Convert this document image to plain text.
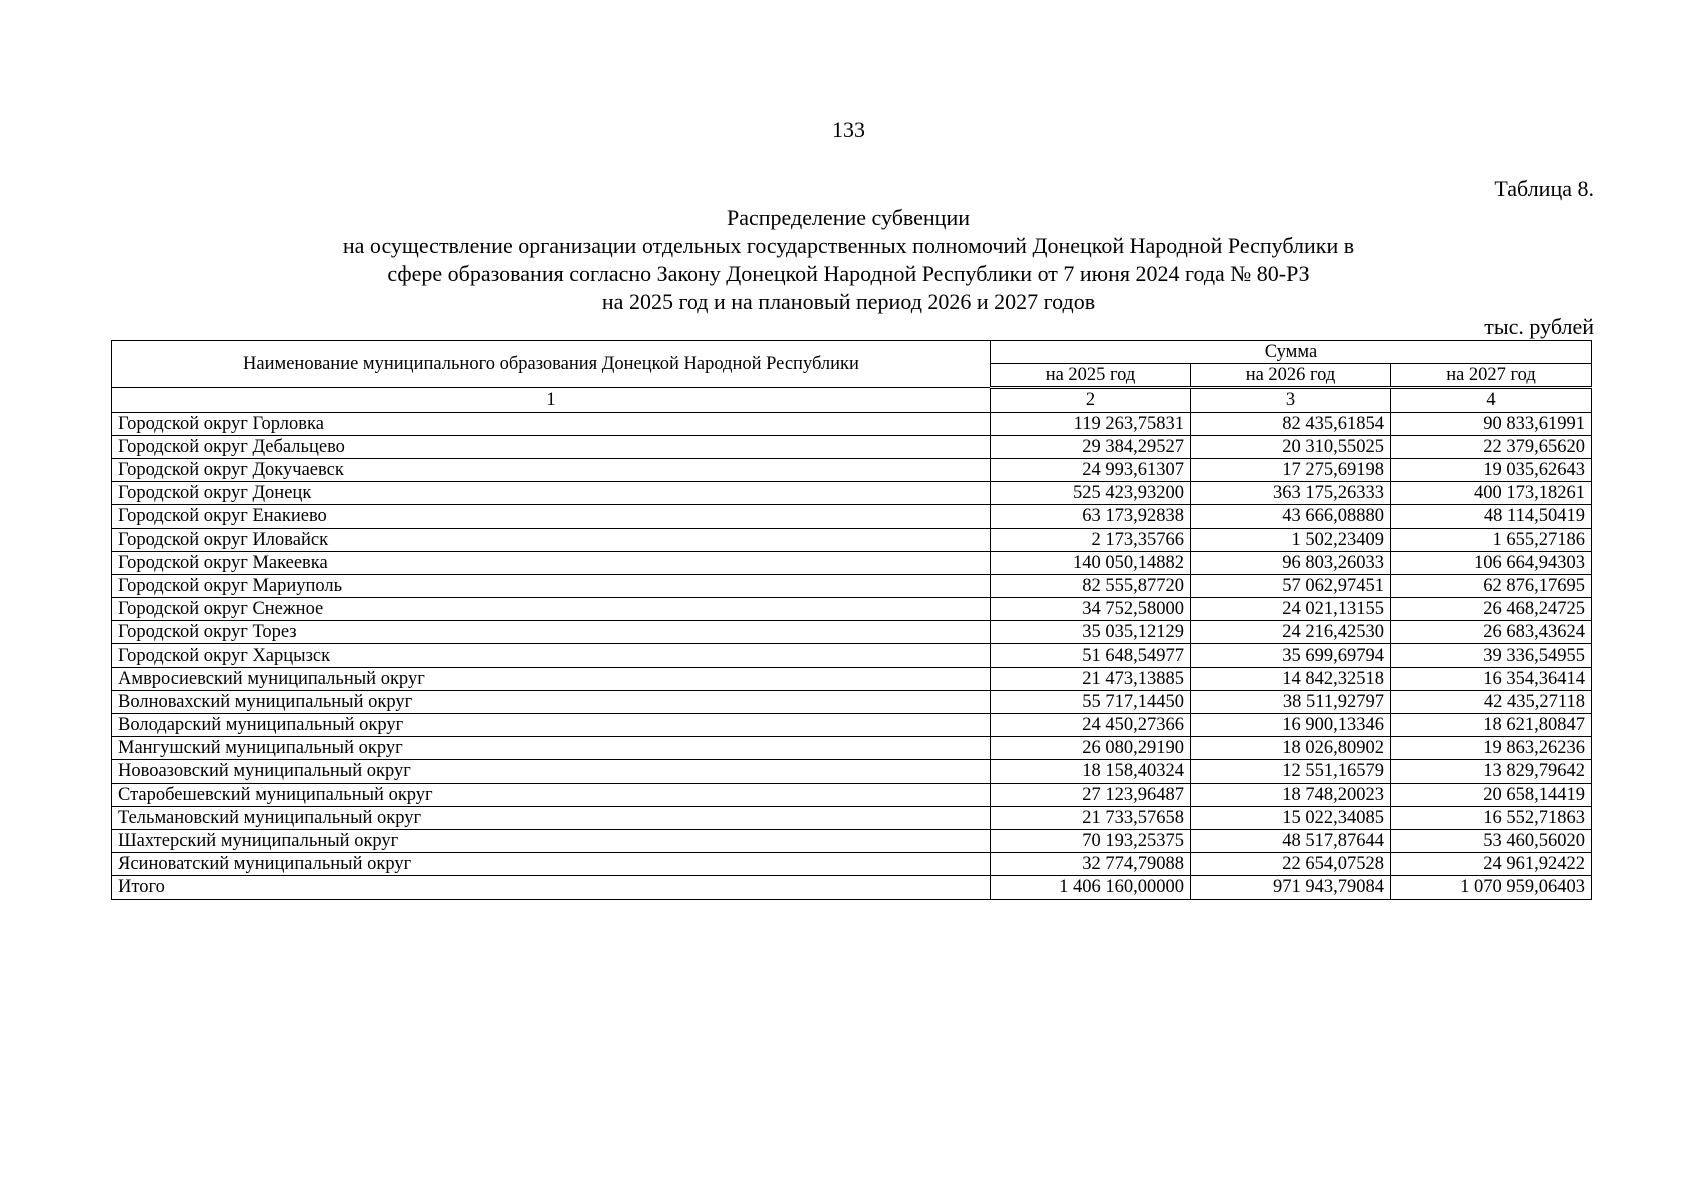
133
Таблица 8.
Распределение субвенции
на осуществление организации отдельных государственных полномочий Донецкой Народной Республики в
сфере образования согласно Закону Донецкой Народной Республики от 7 июня 2024 года № 80-РЗ
на 2025 год и на плановый период 2026 и 2027 годов
тыс. рублей
Наименование муниципального образования Донецкой Народной Республики	Сумма		
	на 2025 год	на 2026 год	на 2027 год
1	2	3	4
Городской округ Горловка	119 263,75831	82 435,61854	90 833,61991
Городской округ Дебальцево	29 384,29527	20 310,55025	22 379,65620
Городской округ Докучаевск	24 993,61307	17 275,69198	19 035,62643
Городской округ Донецк	525 423,93200	363 175,26333	400 173,18261
Городской округ Енакиево	63 173,92838	43 666,08880	48 114,50419
Городской округ Иловайск	2 173,35766	1 502,23409	1 655,27186
Городской округ Макеевка	140 050,14882	96 803,26033	106 664,94303
Городской округ Мариуполь	82 555,87720	57 062,97451	62 876,17695
Городской округ Снежное	34 752,58000	24 021,13155	26 468,24725
Городской округ Торез	35 035,12129	24 216,42530	26 683,43624
Городской округ Харцызск	51 648,54977	35 699,69794	39 336,54955
Амвросиевский муниципальный округ	21 473,13885	14 842,32518	16 354,36414
Волновахский муниципальный округ	55 717,14450	38 511,92797	42 435,27118
Володарский муниципальный округ	24 450,27366	16 900,13346	18 621,80847
Мангушский муниципальный округ	26 080,29190	18 026,80902	19 863,26236
Новоазовский муниципальный округ	18 158,40324	12 551,16579	13 829,79642
Старобешевский муниципальный округ	27 123,96487	18 748,20023	20 658,14419
Тельмановский муниципальный округ	21 733,57658	15 022,34085	16 552,71863
Шахтерский муниципальный округ	70 193,25375	48 517,87644	53 460,56020
Ясиноватский муниципальный округ	32 774,79088	22 654,07528	24 961,92422
Итого	1 406 160,00000	971 943,79084	1 070 959,06403
